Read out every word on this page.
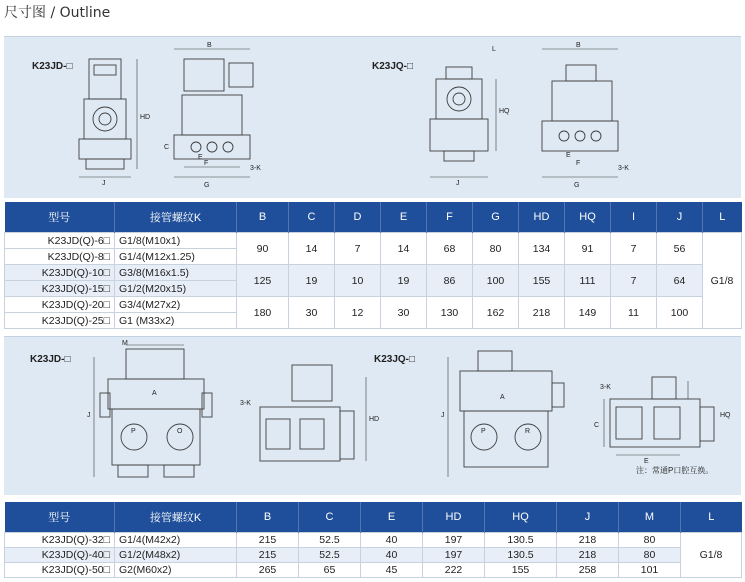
尺寸图 / Outline
K23JD-□	K23JQ-□
J
HD
B
G
F
E
C
3-K
J
HQ
L
B
G
F
E
3-K
型号	接管螺纹K	B	C	D	E	F	G	HD	HQ	I	J	L
K23JD(Q)-6□	G1/8(M10x1)	90	14	7	14	68	80	134	91	7	56	G1/8
K23JD(Q)-8□	G1/4(M12x1.25)											
K23JD(Q)-10□	G3/8(M16x1.5)	125	19	10	19	86	100	155	111	7	64	
K23JD(Q)-15□	G1/2(M20x15)											
K23JD(Q)-20□	G3/4(M27x2)	180	30	12	30	130	162	218	149	11	100	
K23JD(Q)-25□	G1 (M33x2)											
K23JD-□	K23JQ-□
注：常通P口腔互换。
M
J
A
P	O
HD
3-K
J
A
P	R
C
3-K
E
HQ
型号	接管螺纹K	B	C	E	HD	HQ	J	M	L
K23JD(Q)-32□	G1/4(M42x2)	215	52.5	40	197	130.5	218	80	G1/8
K23JD(Q)-40□	G1/2(M48x2)	215	52.5	40	197	130.5	218	80	
K23JD(Q)-50□	G2(M60x2)	265	65	45	222	155	258	101	
